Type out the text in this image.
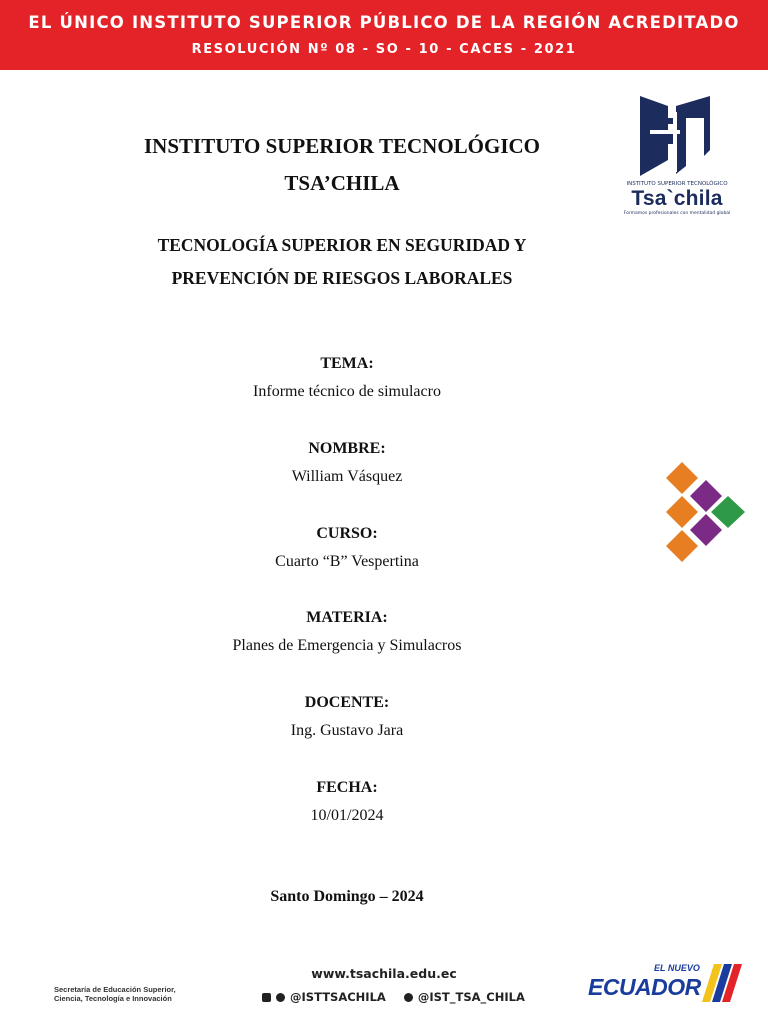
EL ÚNICO INSTITUTO SUPERIOR PÚBLICO DE LA REGIÓN ACREDITADO
RESOLUCIÓN Nº 08 - SO - 10 - CACES - 2021
INSTITUTO SUPERIOR TECNOLÓGICO
TSA’CHILA
TECNOLOGÍA SUPERIOR EN SEGURIDAD Y
PREVENCIÓN DE RIESGOS LABORALES
INSTITUTO SUPERIOR TECNOLÓGICO
Tsa`chila
Formamos profesionales con mentalidad global
TEMA:
Informe técnico de simulacro
NOMBRE:
William Vásquez
CURSO:
Cuarto “B” Vespertina
MATERIA:
Planes de Emergencia y Simulacros
DOCENTE:
Ing. Gustavo Jara
FECHA:
10/01/2024
Santo Domingo – 2024
Secretaría de Educación Superior,
Ciencia, Tecnología e Innovación
www.tsachila.edu.ec
@ISTTSACHILA	@IST_TSA_CHILA
EL NUEVO
ECUADOR
